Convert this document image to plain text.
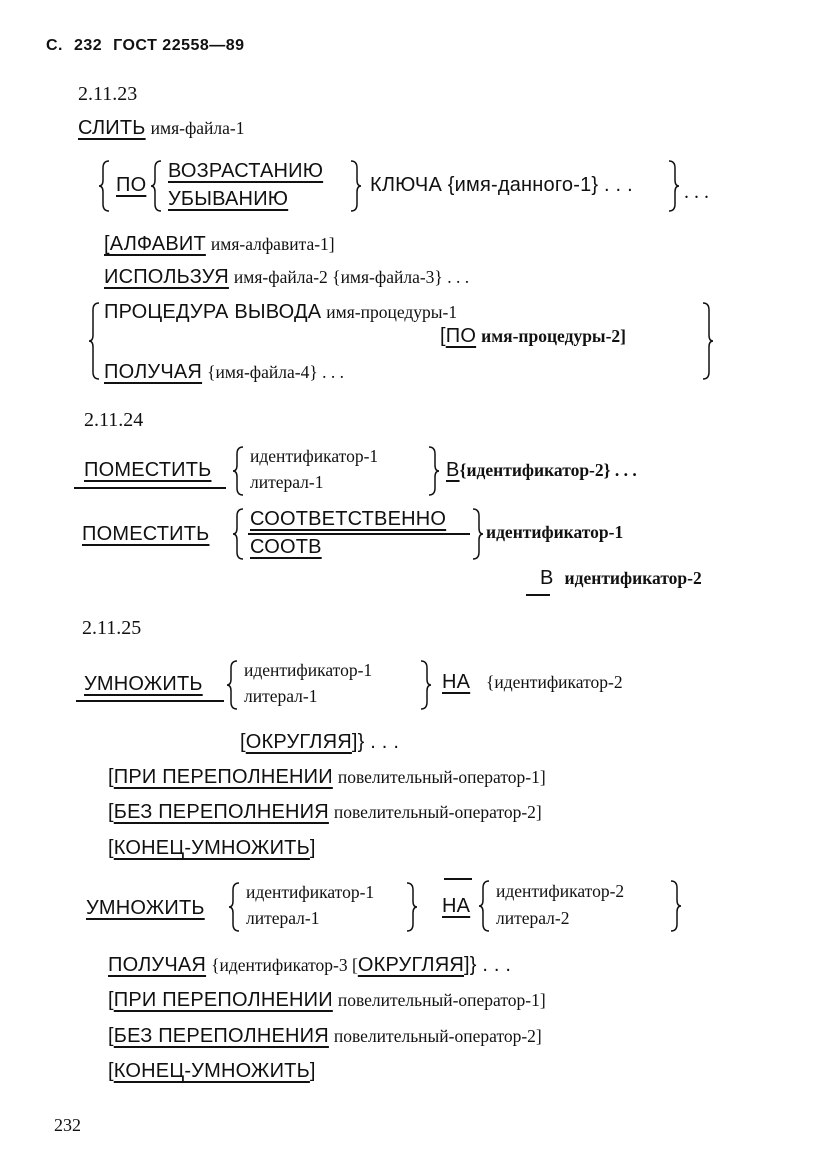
С. 232 ГОСТ 22558—89
2.11.23
СЛИТЬ имя-файла-1
ПО
ВОЗРАСТАНИЮ
УБЫВАНИЮ
КЛЮЧА {имя-данного-1} . . .	. . .
[АЛФАВИТ имя-алфавита-1]
ИСПОЛЬЗУЯ имя-файла-2 {имя-файла-3} . . .
ПРОЦЕДУРА ВЫВОДА имя-процедуры-1
[ПО имя-процедуры-2]
ПОЛУЧАЯ {имя-файла-4} . . .
2.11.24
ПОМЕСТИТЬ
идентификатор-1
литерал-1
В{идентификатор-2} . . .
ПОМЕСТИТЬ
СООТВЕТСТВЕННО
СООТВ
идентификатор-1
В идентификатор-2
2.11.25
УМНОЖИТЬ
идентификатор-1
литерал-1
НА {идентификатор-2
[ОКРУГЛЯЯ]} . . .
[ПРИ ПЕРЕПОЛНЕНИИ повелительный-оператор-1]
[БЕЗ ПЕРЕПОЛНЕНИЯ повелительный-оператор-2]
[КОНЕЦ-УМНОЖИТЬ]
УМНОЖИТЬ
идентификатор-1
литерал-1
НА
идентификатор-2
литерал-2
ПОЛУЧАЯ {идентификатор-3 [ОКРУГЛЯЯ]} . . .
[ПРИ ПЕРЕПОЛНЕНИИ повелительный-оператор-1]
[БЕЗ ПЕРЕПОЛНЕНИЯ повелительный-оператор-2]
[КОНЕЦ-УМНОЖИТЬ]
232
